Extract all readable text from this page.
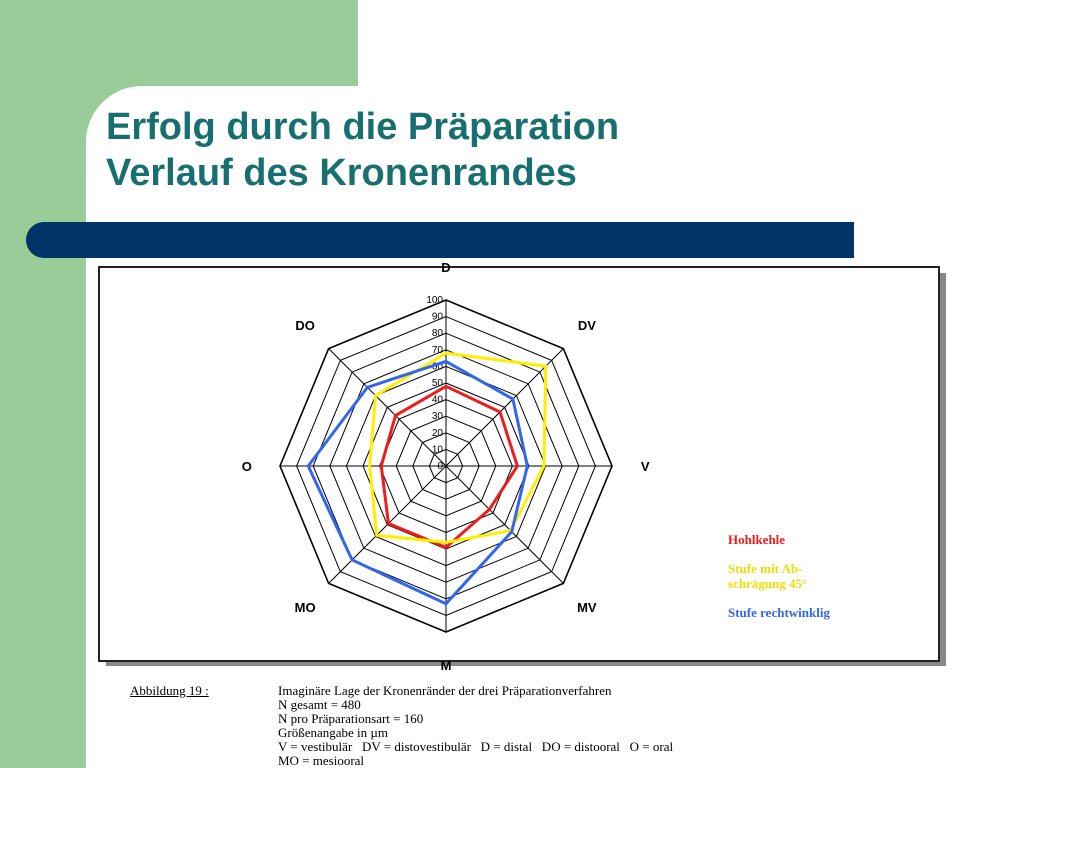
Erfolg durch die Präparation
Verlauf des Kronenrandes
0
10
20
30
40
50
60
70
80
90
100
D
DV
V
MV
M
MO
O
DO
Hohlkehle
Stufe mit Ab-
schrägung 45°
Stufe rechtwinklig
Abbildung 19 :	Imaginäre Lage der Kronenränder der drei Präparationverfahren
N gesamt = 480
N pro Präparationsart = 160
Größenangabe in µm
V = vestibulär   DV = distovestibulär   D = distal   DO = distooral   O = oral
MO = mesiooral
